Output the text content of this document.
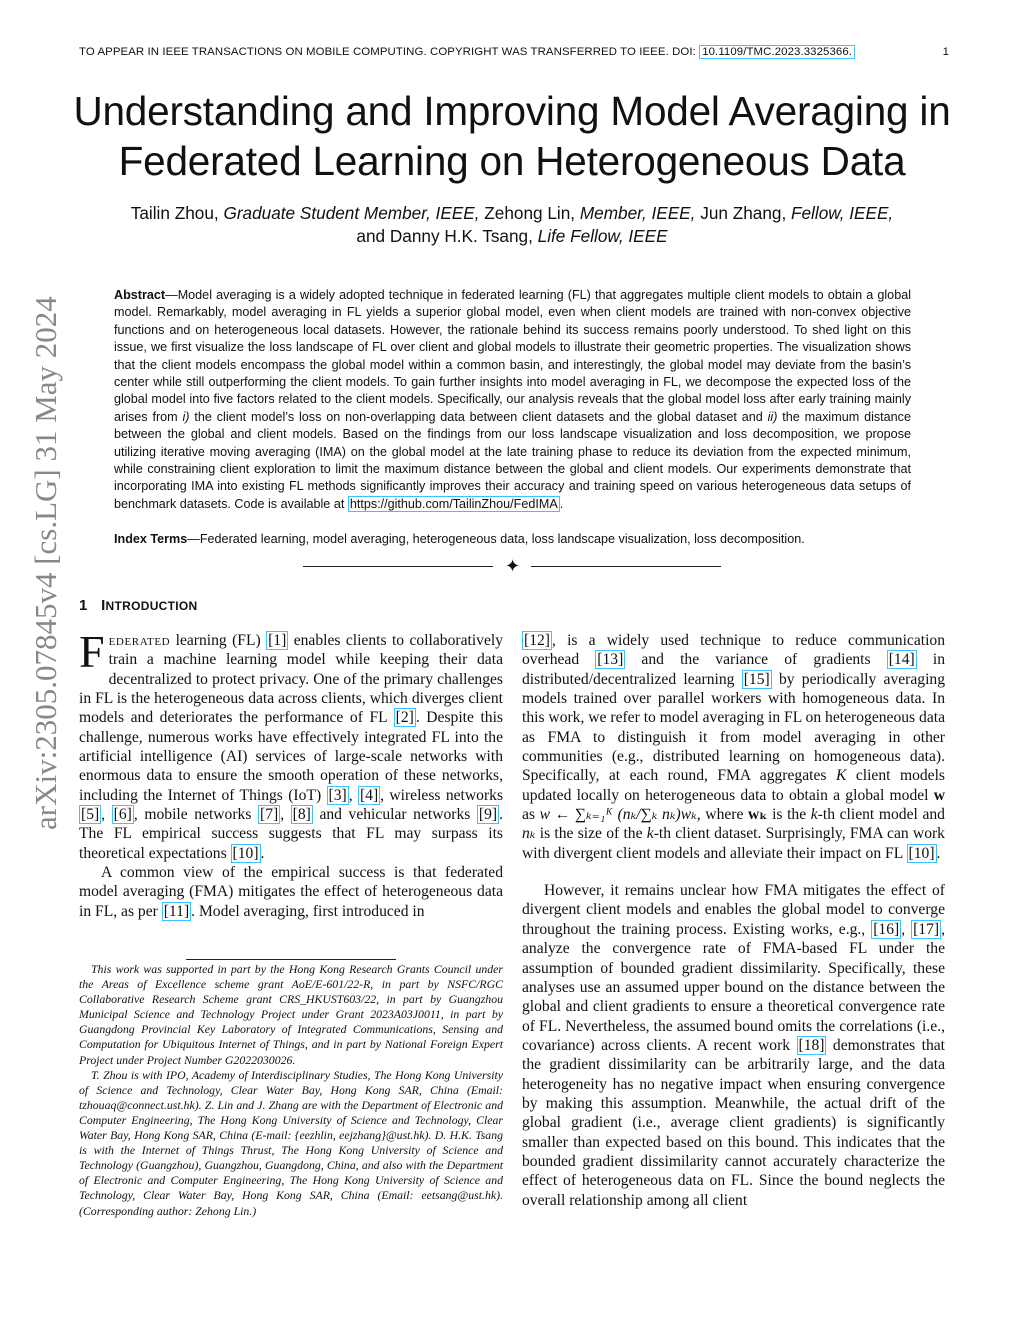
TO APPEAR IN IEEE TRANSACTIONS ON MOBILE COMPUTING. COPYRIGHT WAS TRANSFERRED TO IEEE. DOI: 10.1109/TMC.2023.3325366.	1
Understanding and Improving Model Averaging in
Federated Learning on Heterogeneous Data
Tailin Zhou, Graduate Student Member, IEEE, Zehong Lin, Member, IEEE, Jun Zhang, Fellow, IEEE,
and Danny H.K. Tsang, Life Fellow, IEEE
Abstract—Model averaging is a widely adopted technique in federated learning (FL) that aggregates multiple client models to obtain a global model. Remarkably, model averaging in FL yields a superior global model, even when client models are trained with non-convex objective functions and on heterogeneous local datasets. However, the rationale behind its success remains poorly understood. To shed light on this issue, we first visualize the loss landscape of FL over client and global models to illustrate their geometric properties. The visualization shows that the client models encompass the global model within a common basin, and interestingly, the global model may deviate from the basin’s center while still outperforming the client models. To gain further insights into model averaging in FL, we decompose the expected loss of the global model into five factors related to the client models. Specifically, our analysis reveals that the global model loss after early training mainly arises from i) the client model’s loss on non-overlapping data between client datasets and the global dataset and ii) the maximum distance between the global and client models. Based on the findings from our loss landscape visualization and loss decomposition, we propose utilizing iterative moving averaging (IMA) on the global model at the late training phase to reduce its deviation from the expected minimum, while constraining client exploration to limit the maximum distance between the global and client models. Our experiments demonstrate that incorporating IMA into existing FL methods significantly improves their accuracy and training speed on various heterogeneous data setups of benchmark datasets. Code is available at https://github.com/TailinZhou/FedIMA .
Index Terms—Federated learning, model averaging, heterogeneous data, loss landscape visualization, loss decomposition.
✦
1 INTRODUCTION
arXiv:2305.07845v4 [cs.LG] 31 May 2024 Federated learning (FL) [1] enables clients to collaboratively train a machine learning model while keeping their data decentralized to protect privacy. One of the primary challenges in FL is the heterogeneous data across clients, which diverges client models and deteriorates the performance of FL [2] . Despite this challenge, numerous works have effectively integrated FL into the artificial intelligence (AI) services of large-scale networks with enormous data to ensure the smooth operation of these networks, including the Internet of Things (IoT) [3] , [4] , wireless networks [5] , [6] , mobile networks [7] , [8] and vehicular networks [9] . The FL empirical success suggests that FL may surpass its theoretical expectations [10] .

A common view of the empirical success is that federated model averaging (FMA) mitigates the effect of heterogeneous data in FL, as per [11] . Model averaging, first introduced in

This work was supported in part by the Hong Kong Research Grants Council under the Areas of Excellence scheme grant AoE/E-601/22-R, in part by NSFC/RGC Collaborative Research Scheme grant CRS_HKUST603/22, in part by Guangzhou Municipal Science and Technology Project under Grant 2023A03J0011, in part by Guangdong Provincial Key Laboratory of Integrated Communications, Sensing and Computation for Ubiquitous Internet of Things, and in part by National Foreign Expert Project under Project Number G2022030026.

T. Zhou is with IPO, Academy of Interdisciplinary Studies, The Hong Kong University of Science and Technology, Clear Water Bay, Hong Kong SAR, China (Email: tzhouaq@connect.ust.hk). Z. Lin and J. Zhang are with the Department of Electronic and Computer Engineering, The Hong Kong University of Science and Technology, Clear Water Bay, Hong Kong SAR, China (E-mail: {eezhlin, eejzhang}@ust.hk). D. H.K. Tsang is with the Internet of Things Thrust, The Hong Kong University of Science and Technology (Guangzhou), Guangzhou, Guangdong, China, and also with the Department of Electronic and Computer Engineering, The Hong Kong University of Science and Technology, Clear Water Bay, Hong Kong SAR, China (Email: eetsang@ust.hk). (Corresponding author: Zehong Lin.)

[12] , is a widely used technique to reduce communication overhead [13] and the variance of gradients [14] in distributed/decentralized learning [15] by periodically averaging models trained over parallel workers with homogeneous data. In this work, we refer to model averaging in FL on heterogeneous data as FMA to distinguish it from model averaging in other communities (e.g., distributed learning on homogeneous data). Specifically, at each round, FMA aggregates K client models updated locally on heterogeneous data to obtain a global model w as w ← ∑ₖ₌₁ᴷ (nₖ/∑ₖ nₖ)wₖ, where wₖ is the k-th client model and nₖ is the size of the k-th client dataset. Surprisingly, FMA can work with divergent client models and alleviate their impact on FL [10] .

However, it remains unclear how FMA mitigates the effect of divergent client models and enables the global model to converge throughout the training process. Existing works, e.g., [16] , [17] , analyze the convergence rate of FMA-based FL under the assumption of bounded gradient dissimilarity. Specifically, these analyses use an assumed upper bound on the distance between the global and client gradients to ensure a theoretical convergence rate of FL. Nevertheless, the assumed bound omits the correlations (i.e., covariance) across clients. A recent work [18] demonstrates that the gradient dissimilarity can be arbitrarily large, and the data heterogeneity has no negative impact when ensuring convergence by making this assumption. Meanwhile, the actual drift of the global gradient (i.e., average client gradients) is significantly smaller than expected based on this bound. This indicates that the bounded gradient dissimilarity cannot accurately characterize the effect of heterogeneous data on FL. Since the bound neglects the overall relationship among all client
